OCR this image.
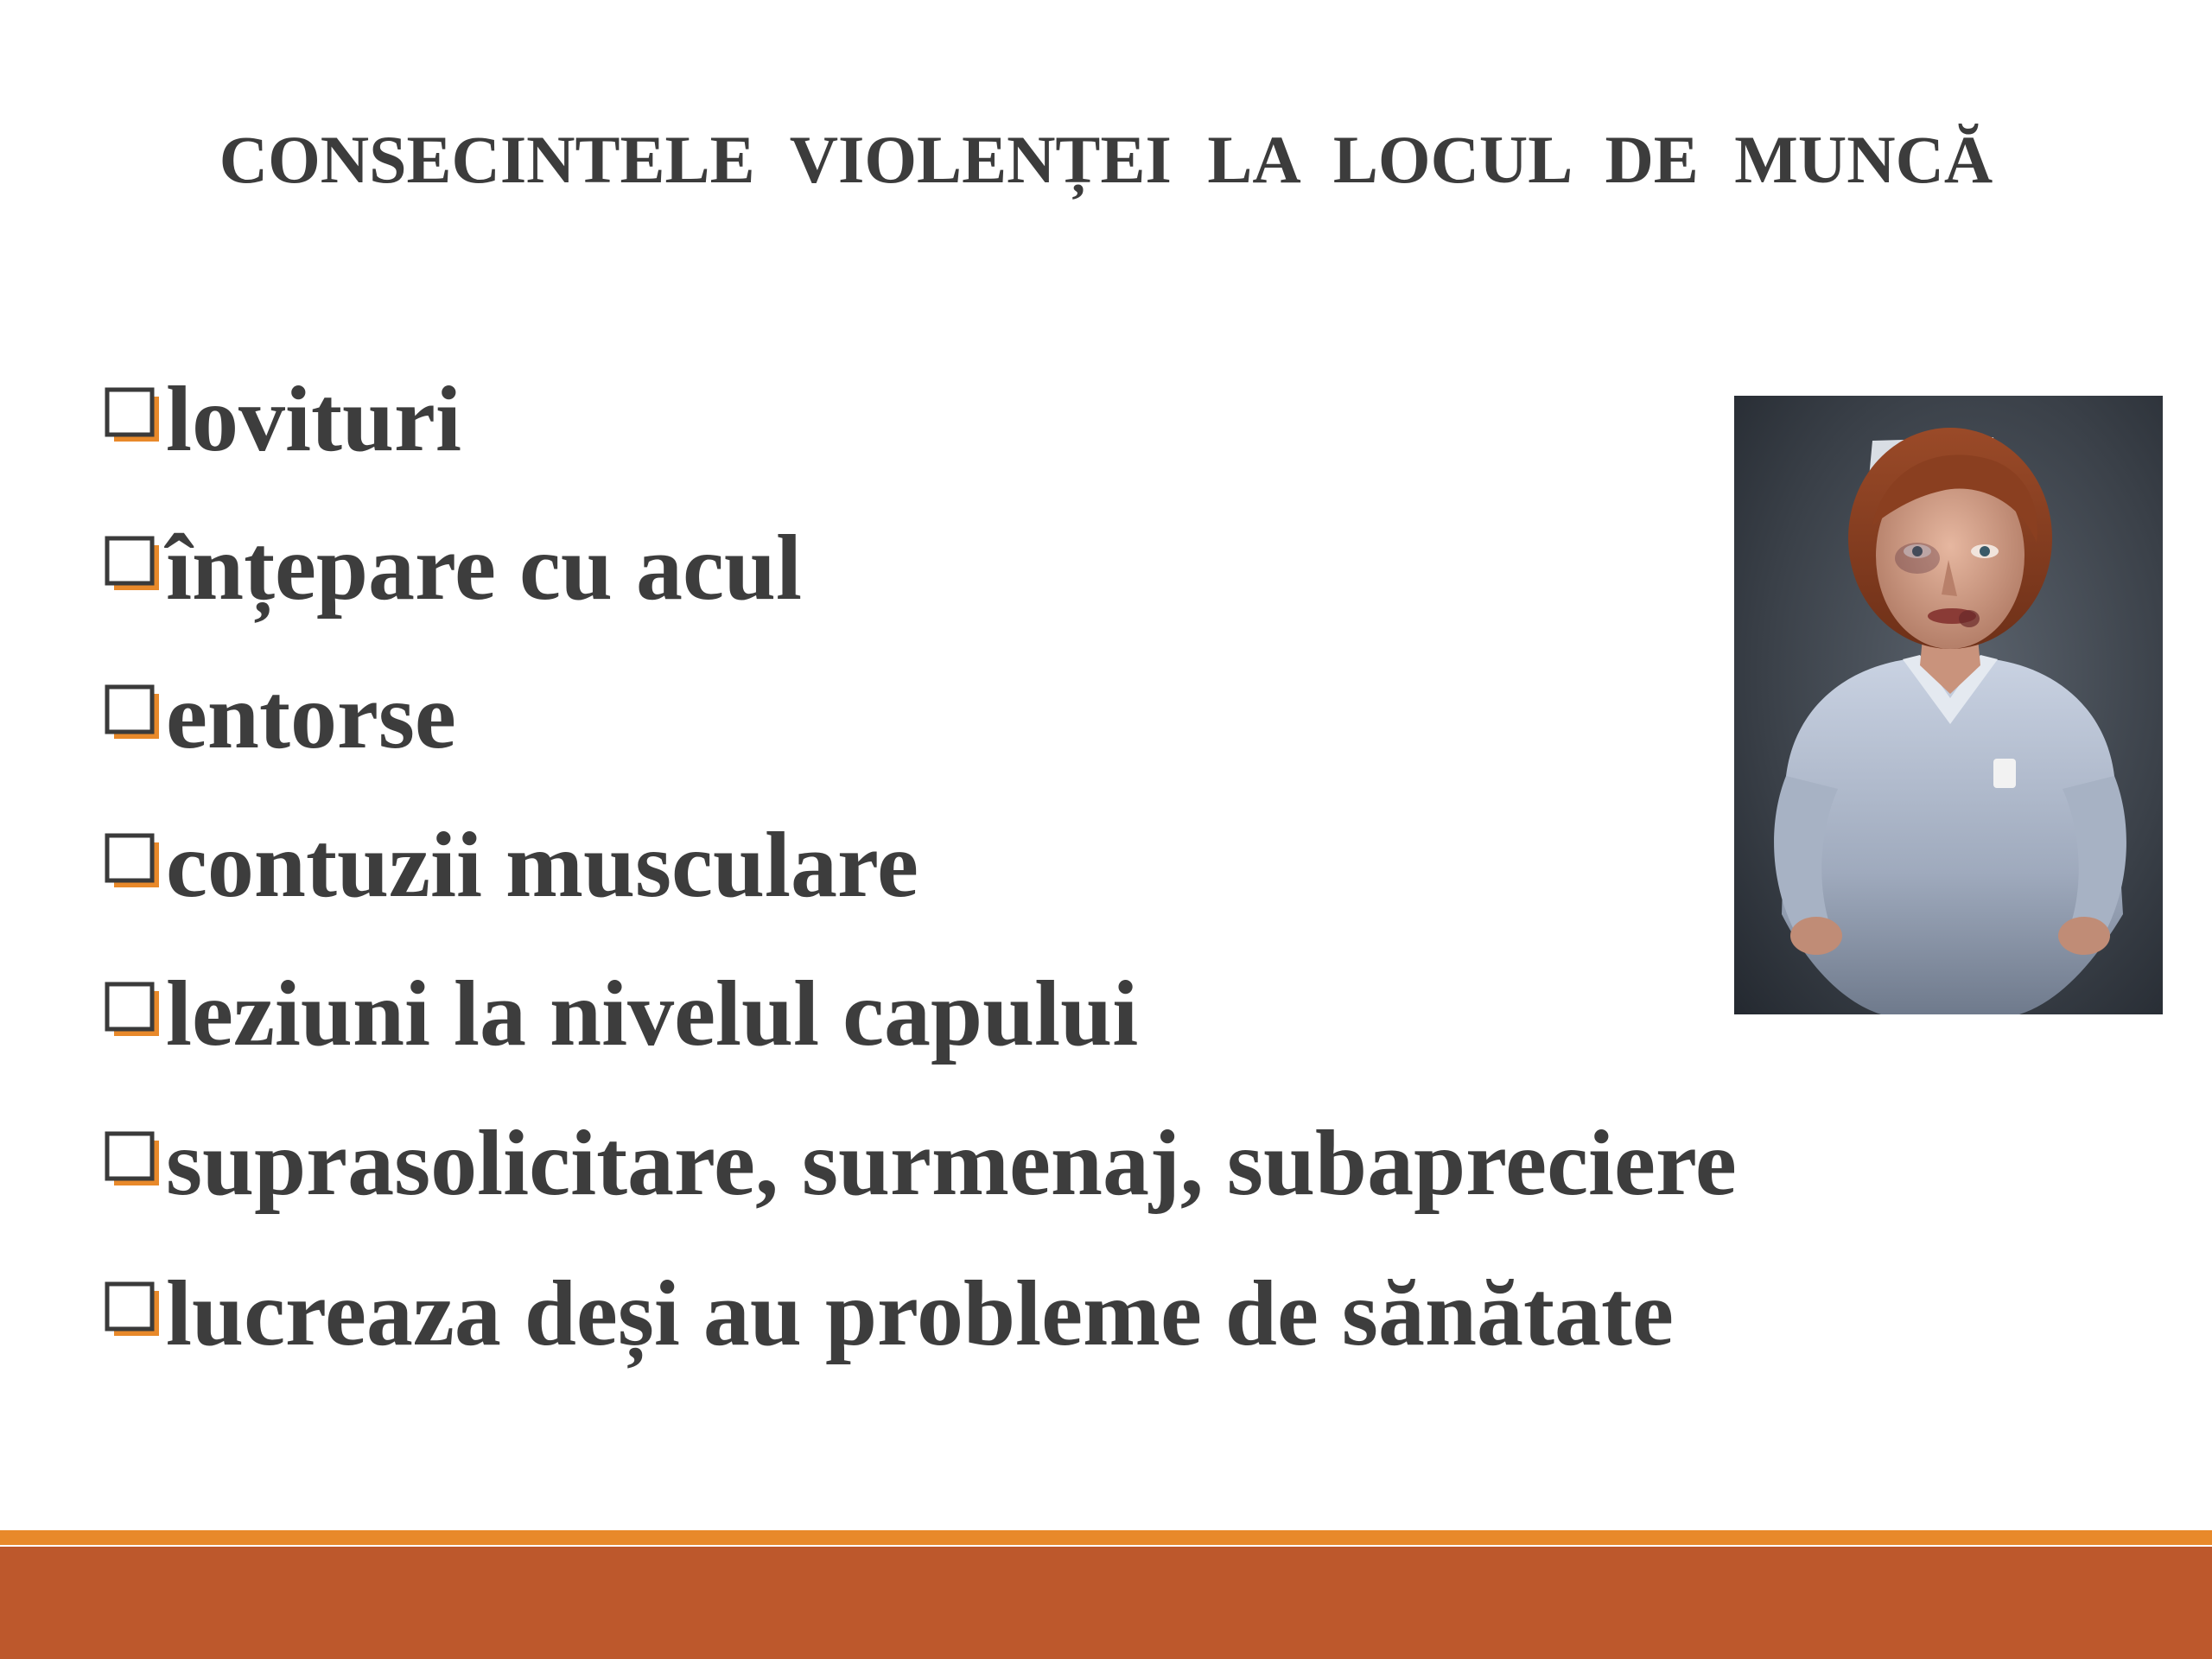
CONSECINTELE VIOLENȚEI LA LOCUL DE MUNCĂ
lovituri
înțepare cu acul
entorse
contuzii musculare
leziuni la nivelul capului
suprasolicitare, surmenaj, subapreciere
lucreaza deși au probleme de sănătate
